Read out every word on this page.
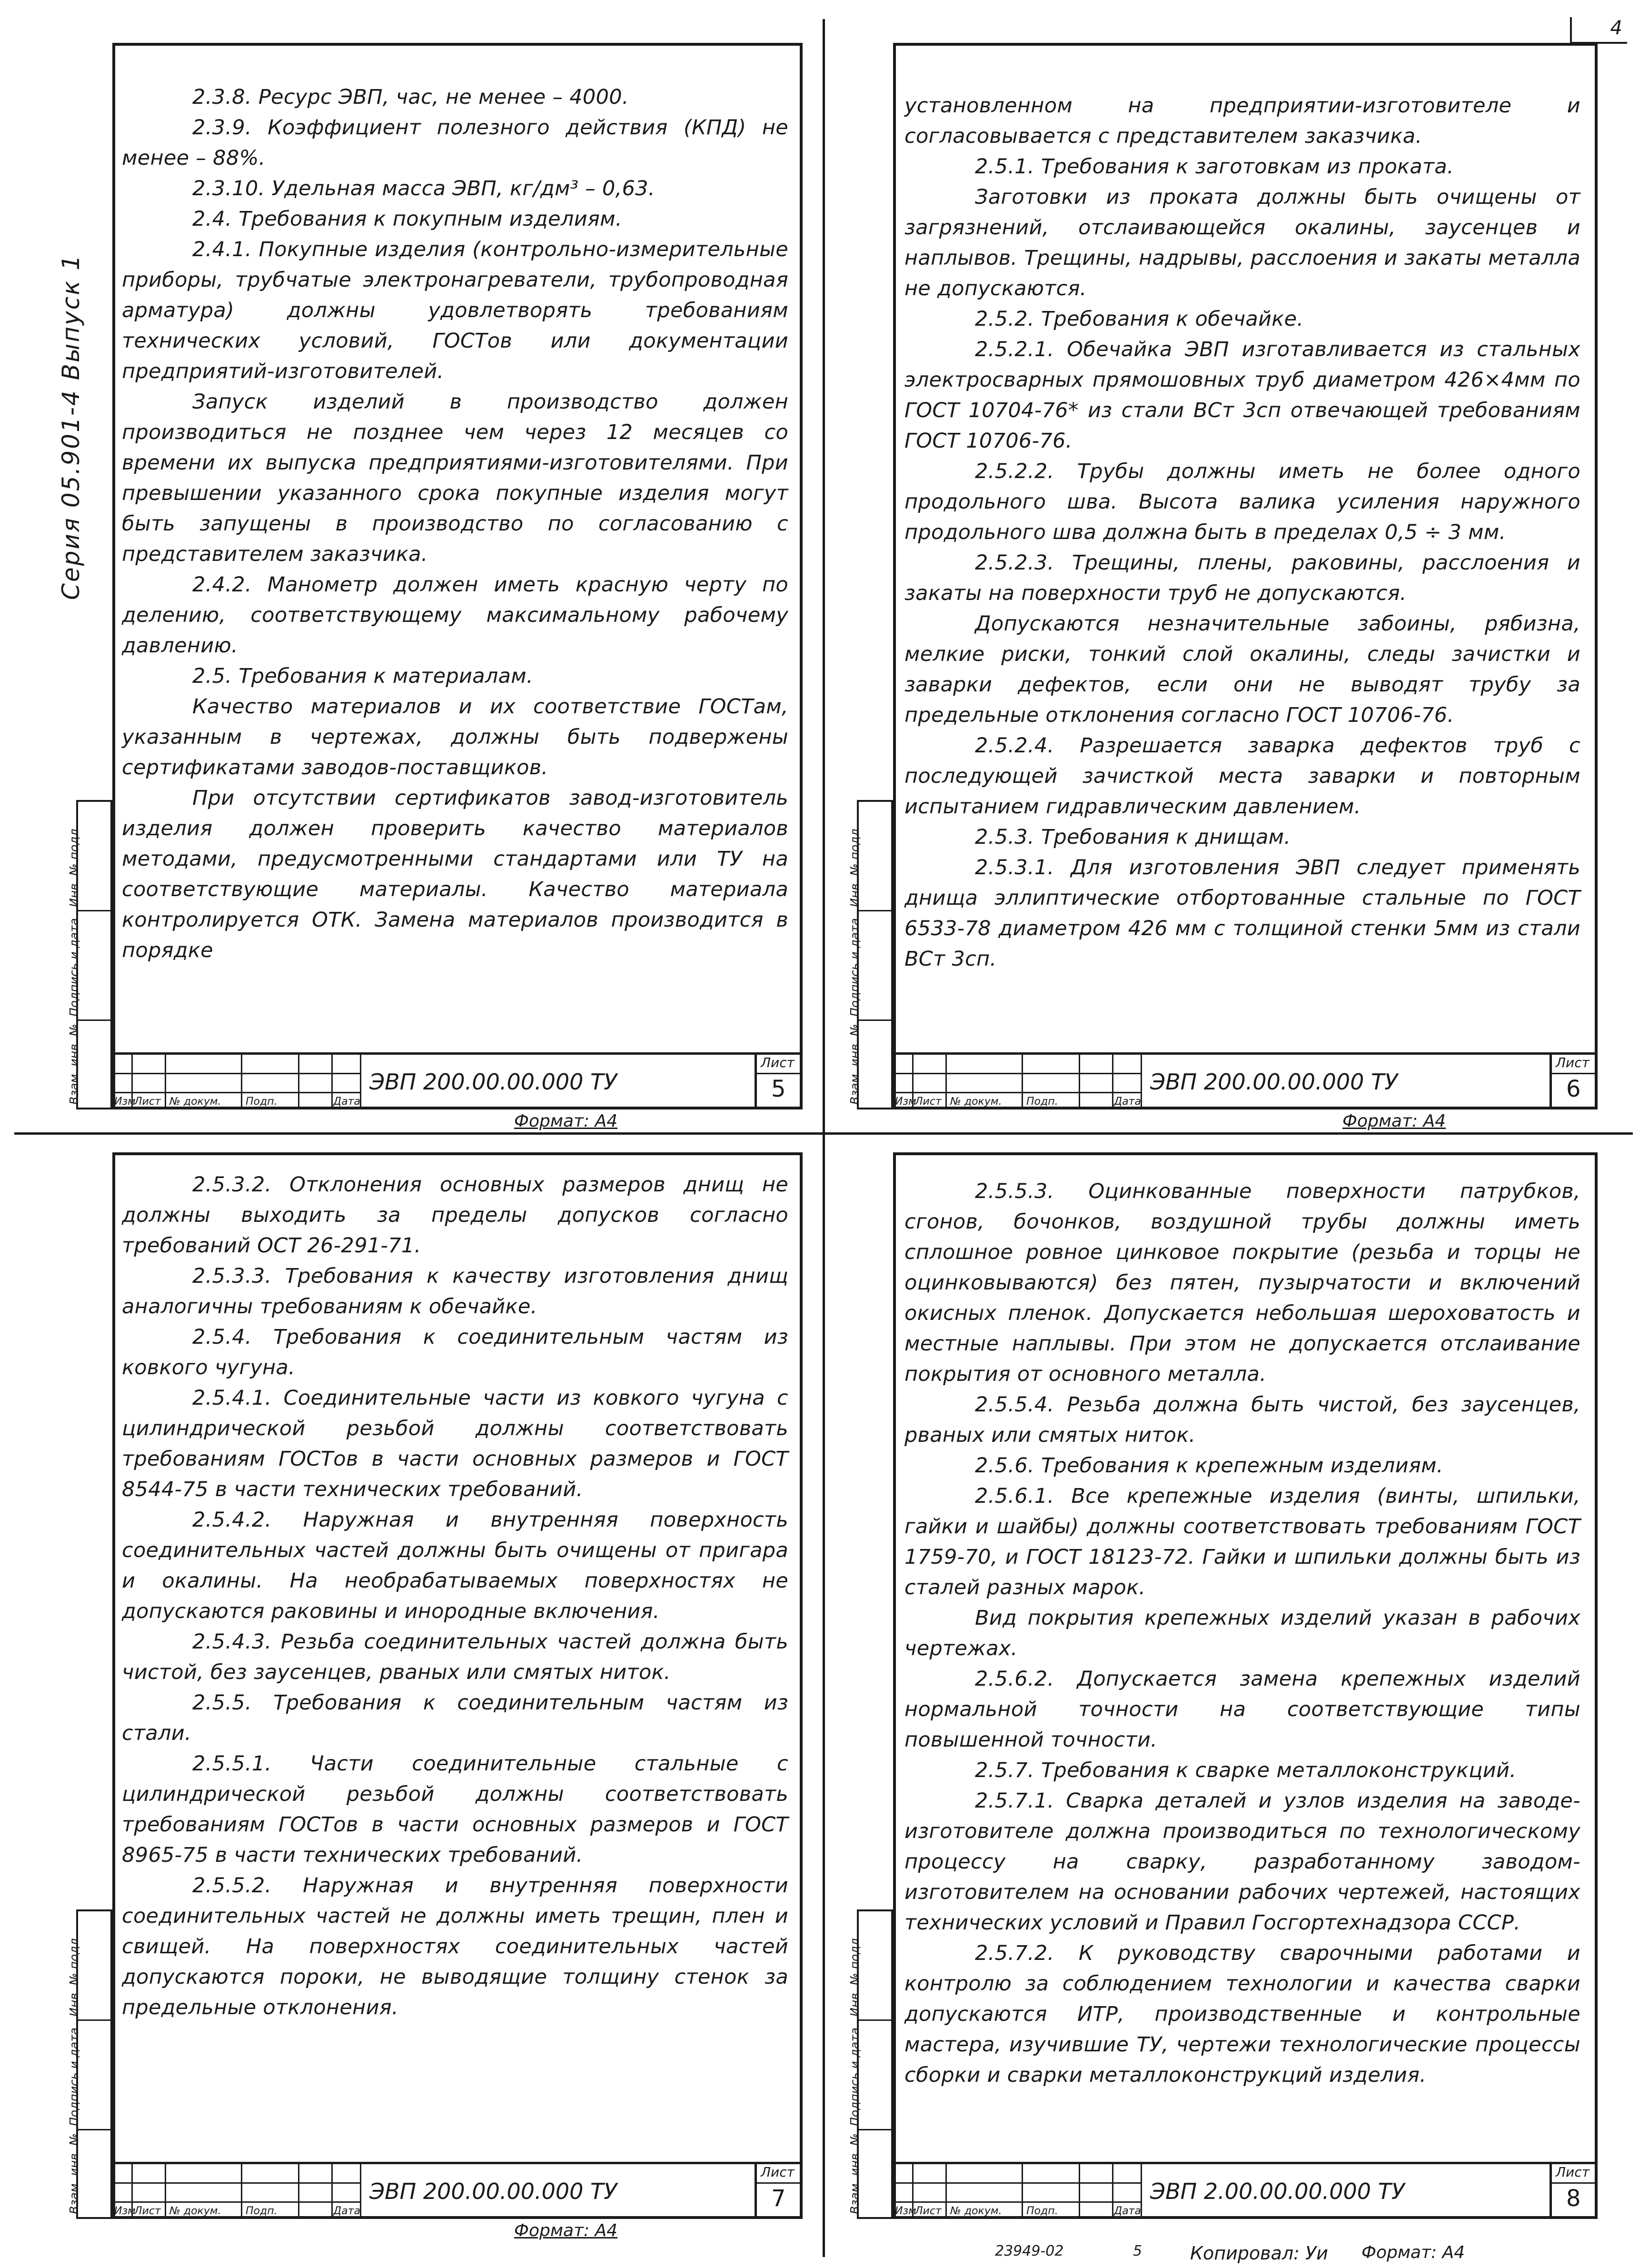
4
Серия 05.901-4 Выпуск 1
Инв. № подл.
Подпись и дата
Взам. инв. №

2.3.8. Ресурс ЭВП, час, не менее – 4000.

2.3.9. Коэффициент полезного действия (КПД) не менее – 88%.

2.3.10. Удельная масса ЭВП, кг/дм³ – 0,63.

2.4. Требования к покупным изделиям.

2.4.1. Покупные изделия (контрольно-измерительные приборы, трубчатые электронагреватели, трубопроводная арматура) должны удовлетворять требованиям технических условий, ГОСТов или документации предприятий-изготовителей.

Запуск изделий в производство должен производиться не позднее чем через 12 месяцев со времени их выпуска предприятиями-изготовителями. При превышении указанного срока покупные изделия могут быть запущены в производство по согласованию с представителем заказчика.

2.4.2. Манометр должен иметь красную черту по делению, соответствующему максимальному рабочему давлению.

2.5. Требования к материалам.

Качество материалов и их соответствие ГОСТам, указанным в чертежах, должны быть подвержены сертификатами заводов-поставщиков.

При отсутствии сертификатов завод-изготовитель изделия должен проверить качество материалов методами, предусмотренными стандартами или ТУ на соответствующие материалы. Качество материала контролируется ОТК. Замена материалов производится в порядке

Изм
Лист № докум. Подп.	Дата
ЭВП 200.00.00.000 ТУ
Лист
5
Формат: А4
Инв. № подл.
Подпись и дата
Взам. инв. №

установленном на предприятии-изготовителе и согласовывается с представителем заказчика.

2.5.1. Требования к заготовкам из проката.

Заготовки из проката должны быть очищены от загрязнений, отслаивающейся окалины, заусенцев и наплывов. Трещины, надрывы, расслоения и закаты металла не допускаются.

2.5.2. Требования к обечайке.

2.5.2.1. Обечайка ЭВП изготавливается из стальных электросварных прямошовных труб диаметром 426×4мм по ГОСТ 10704-76* из стали ВСт 3сп отвечающей требованиям ГОСТ 10706-76.

2.5.2.2. Трубы должны иметь не более одного продольного шва. Высота валика усиления наружного продольного шва должна быть в пределах 0,5 ÷ 3 мм.

2.5.2.3. Трещины, плены, раковины, расслоения и закаты на поверхности труб не допускаются.

Допускаются незначительные забоины, рябизна, мелкие риски, тонкий слой окалины, следы зачистки и заварки дефектов, если они не выводят трубу за предельные отклонения согласно ГОСТ 10706-76.

2.5.2.4. Разрешается заварка дефектов труб с последующей зачисткой места заварки и повторным испытанием гидравлическим давлением.

2.5.3. Требования к днищам.

2.5.3.1. Для изготовления ЭВП следует применять днища эллиптические отбортованные стальные по ГОСТ 6533-78 диаметром 426 мм с толщиной стенки 5мм из стали ВСт 3сп.

Изм
Лист № докум. Подп.	Дата
ЭВП 200.00.00.000 ТУ
Лист
6
Формат: А4
Инв. № подл.
Подпись и дата
Взам. инв. №

2.5.3.2. Отклонения основных размеров днищ не должны выходить за пределы допусков согласно требований ОСТ 26-291-71.

2.5.3.3. Требования к качеству изготовления днищ аналогичны требованиям к обечайке.

2.5.4. Требования к соединительным частям из ковкого чугуна.

2.5.4.1. Соединительные части из ковкого чугуна с цилиндрической резьбой должны соответствовать требованиям ГОСТов в части основных размеров и ГОСТ 8544-75 в части технических требований.

2.5.4.2. Наружная и внутренняя поверхность соединительных частей должны быть очищены от пригара и окалины. На необрабатываемых поверхностях не допускаются раковины и инородные включения.

2.5.4.3. Резьба соединительных частей должна быть чистой, без заусенцев, рваных или смятых ниток.

2.5.5. Требования к соединительным частям из стали.

2.5.5.1. Части соединительные стальные с цилиндрической резьбой должны соответствовать требованиям ГОСТов в части основных размеров и ГОСТ 8965-75 в части технических требований.

2.5.5.2. Наружная и внутренняя поверхности соединительных частей не должны иметь трещин, плен и свищей. На поверхностях соединительных частей допускаются пороки, не выводящие толщину стенок за предельные отклонения.

Изм
Лист № докум. Подп.	Дата
ЭВП 200.00.00.000 ТУ
Лист
7
Формат: А4
Инв. № подл.
Подпись и дата
Взам. инв. №

2.5.5.3. Оцинкованные поверхности патрубков, сгонов, бочонков, воздушной трубы должны иметь сплошное ровное цинковое покрытие (резьба и торцы не оцинковываются) без пятен, пузырчатости и включений окисных пленок. Допускается небольшая шероховатость и местные наплывы. При этом не допускается отслаивание покрытия от основного металла.

2.5.5.4. Резьба должна быть чистой, без заусенцев, рваных или смятых ниток.

2.5.6. Требования к крепежным изделиям.

2.5.6.1. Все крепежные изделия (винты, шпильки, гайки и шайбы) должны соответствовать требованиям ГОСТ 1759-70, и ГОСТ 18123-72. Гайки и шпильки должны быть из сталей разных марок.

Вид покрытия крепежных изделий указан в рабочих чертежах.

2.5.6.2. Допускается замена крепежных изделий нормальной точности на соответствующие типы повышенной точности.

2.5.7. Требования к сварке металлоконструкций.

2.5.7.1. Сварка деталей и узлов изделия на заводе-изготовителе должна производиться по технологическому процессу на сварку, разработанному заводом-изготовителем на основании рабочих чертежей, настоящих технических условий и Правил Госгортехнадзора СССР.

2.5.7.2. К руководству сварочными работами и контролю за соблюдением технологии и качества сварки допускаются ИТР, производственные и контрольные мастера, изучившие ТУ, чертежи технологические процессы сборки и сварки металлоконструкций изделия.

Изм
Лист № докум. Подп.	Дата
ЭВП 2.00.00.00.000 ТУ
Лист
8
23949-02	5	Копировал: Уи Формат: А4
